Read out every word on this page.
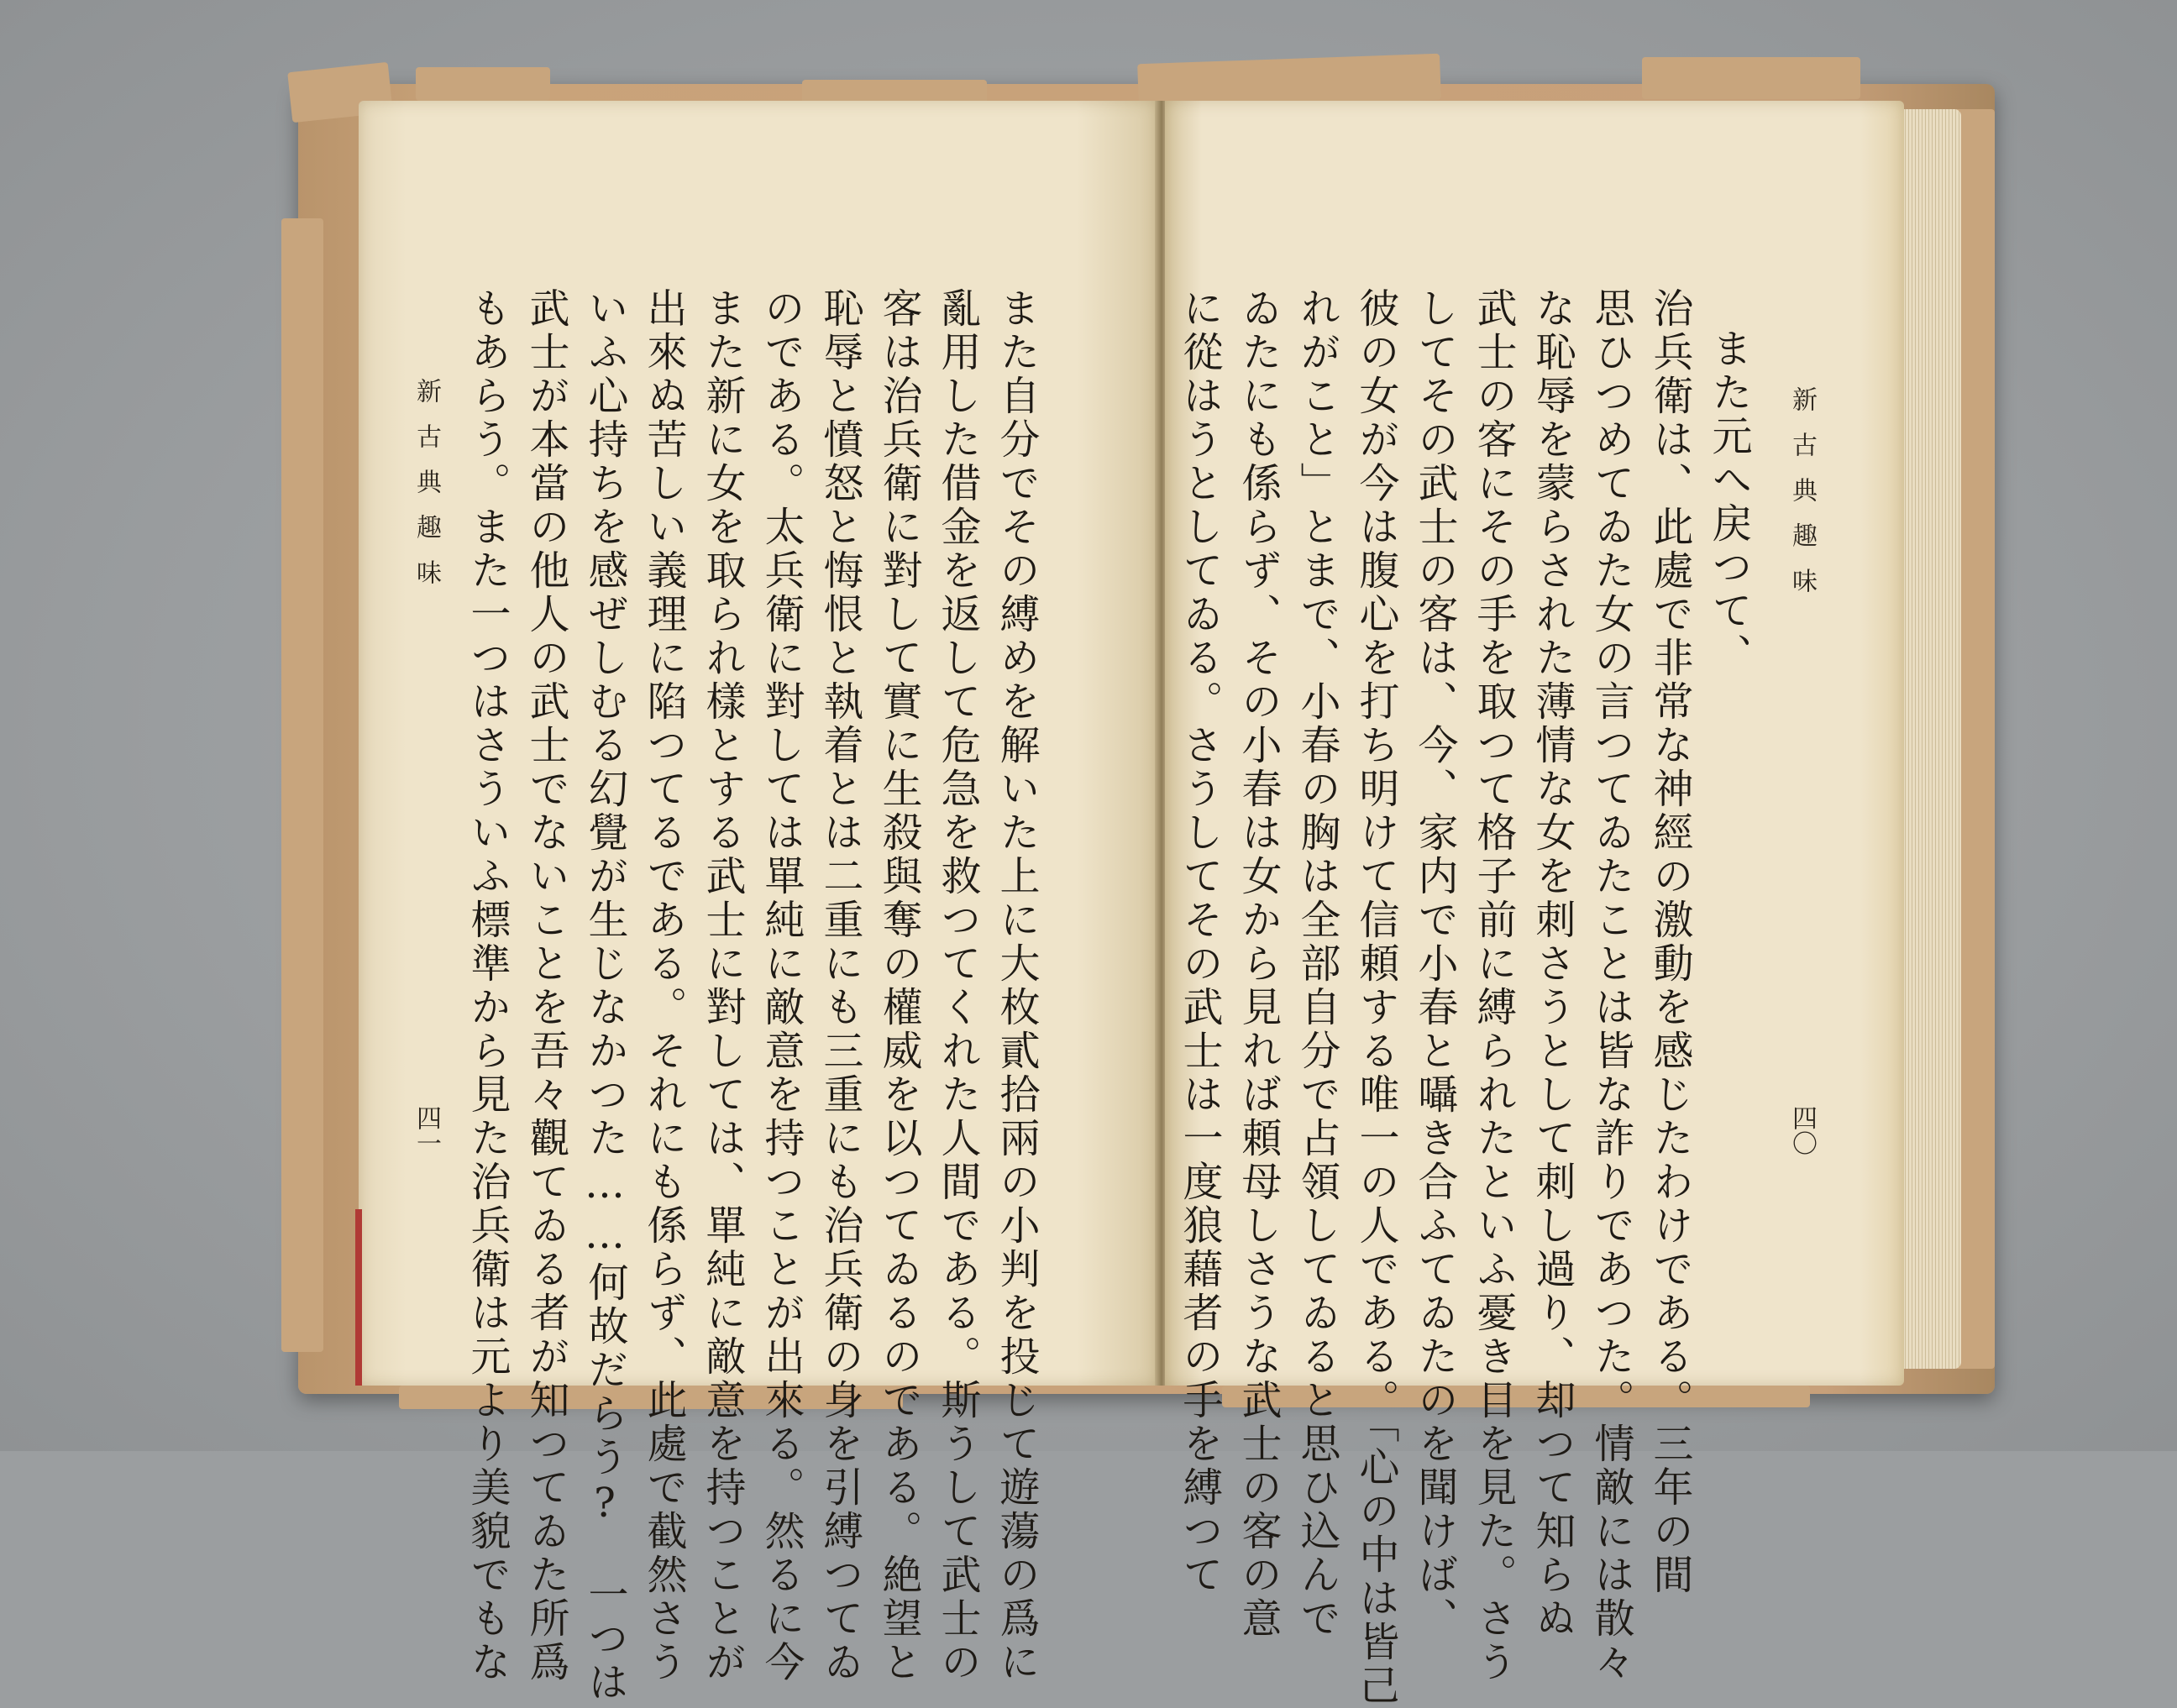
また自分でその縛めを解いた上に大枚貳拾兩の小判を投じて遊蕩の爲に
亂用した借金を返して危急を救つてくれた人間である。斯うして武士の
客は治兵衛に對して實に生殺與奪の權威を以つてゐるのである。絶望と
恥辱と憤怒と悔恨と執着とは二重にも三重にも治兵衛の身を引縛つてゐ
のである。太兵衛に對しては單純に敵意を持つことが出來る。然るに今
また新に女を取られ樣とする武士に對しては、單純に敵意を持つことが
出來ぬ苦しい義理に陷つてるである。それにも係らず、此處で截然さう
いふ心持ちを感ぜしむる幻覺が生じなかつた……何故だらう?　一つは
武士が本當の他人の武士でないことを吾々觀てゐる者が知つてゐた所爲
もあらう。また一つはさういふ標準から見た治兵衛は元より美貌でもな
新古典趣味
四一
新古典趣味
四〇
また元へ戻つて、
治兵衛は、此處で非常な神經の激動を感じたわけである。三年の間
思ひつめてゐた女の言つてゐたことは皆な詐りであつた。情敵には散々
な恥辱を蒙らされた薄情な女を刺さうとして刺し過り、却つて知らぬ
武士の客にその手を取つて格子前に縛られたといふ憂き目を見た。さう
してその武士の客は、今、家内で小春と囁き合ふてゐたのを聞けば、
彼の女が今は腹心を打ち明けて信頼する唯一の人である。「心の中は皆己
れがこと」とまで、小春の胸は全部自分で占領してゐると思ひ込んで
ゐたにも係らず、その小春は女から見れば頼母しさうな武士の客の意
に從はうとしてゐる。さうしてその武士は一度狼藉者の手を縛つて
